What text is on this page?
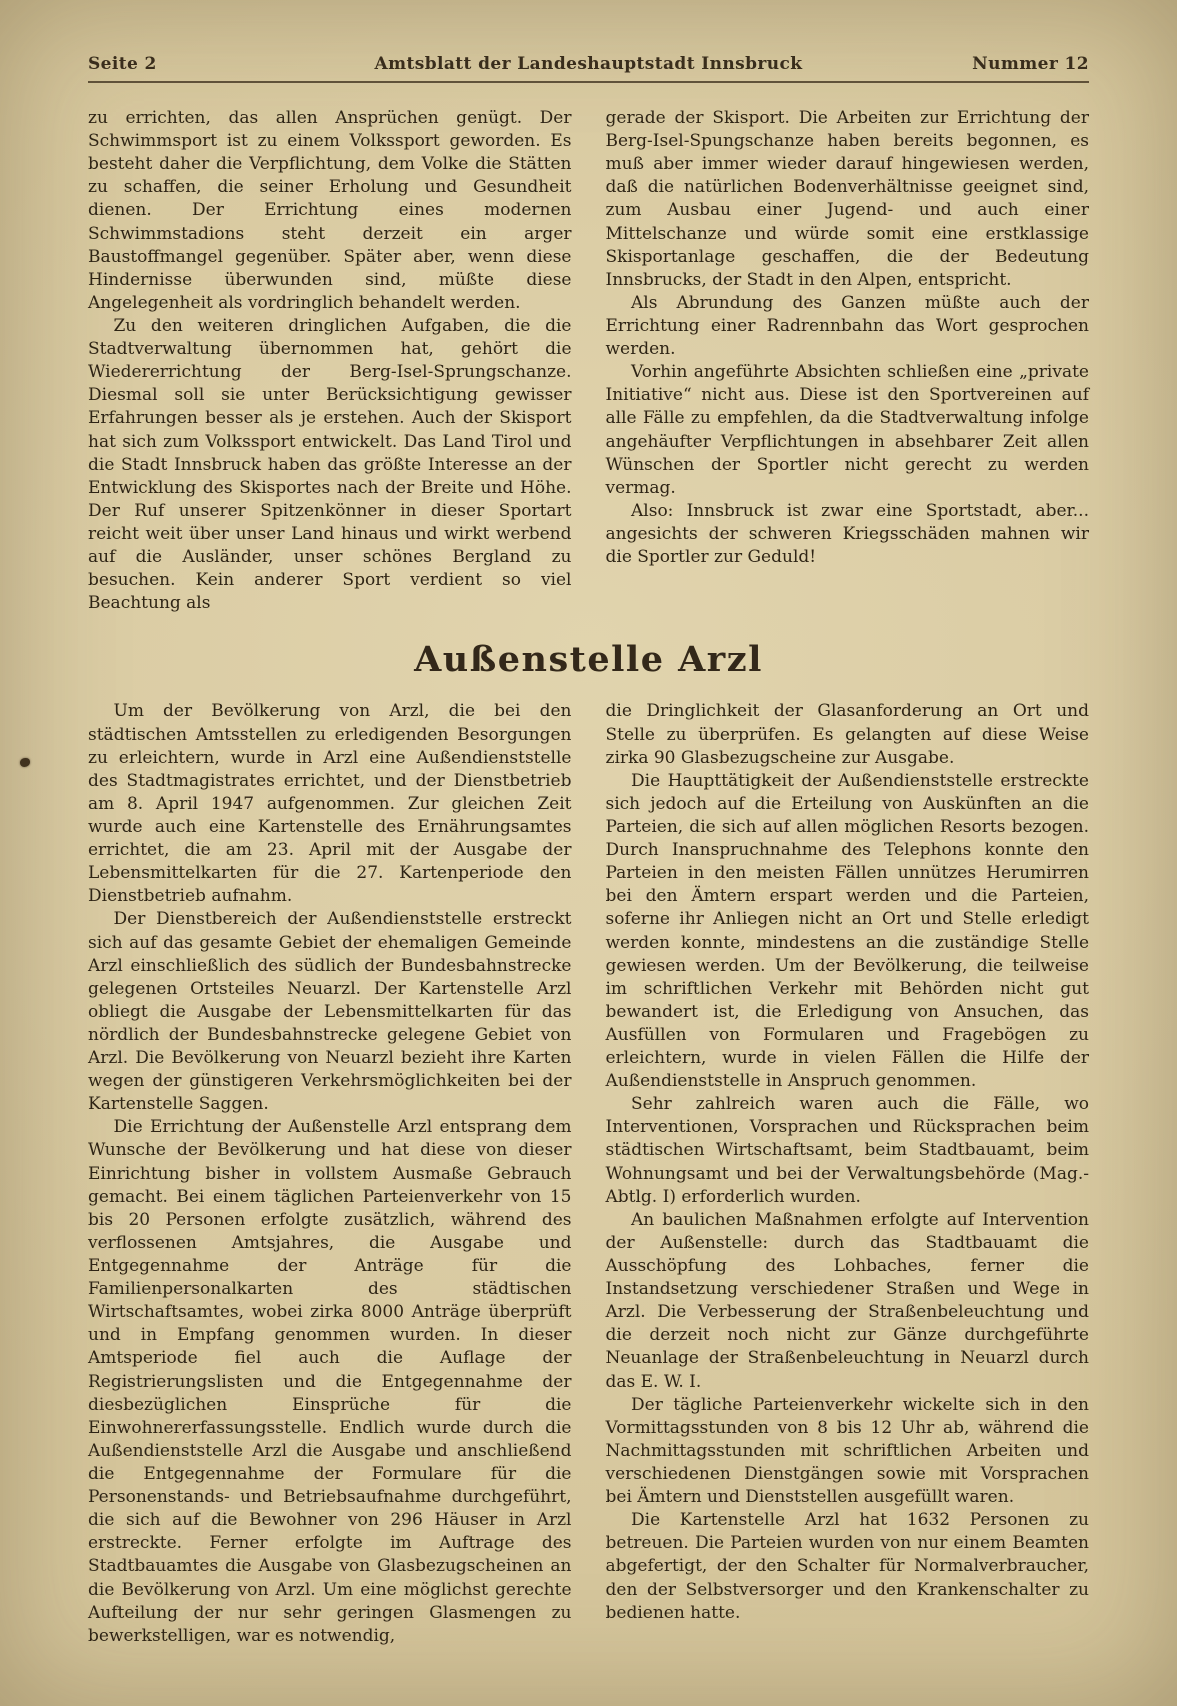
Seite 2	Amtsblatt der Landeshauptstadt Innsbruck	Nummer 12

zu errichten, das allen Ansprüchen genügt. Der Schwimmsport ist zu einem Volkssport geworden. Es besteht daher die Verpflichtung, dem Volke die Stätten zu schaffen, die seiner Erholung und Gesundheit dienen. Der Errichtung eines modernen Schwimmstadions steht derzeit ein arger Baustoffmangel gegenüber. Später aber, wenn diese Hindernisse überwunden sind, müßte diese Angelegenheit als vordringlich behandelt werden.

Zu den weiteren dringlichen Aufgaben, die die Stadtverwaltung übernommen hat, gehört die Wiedererrichtung der Berg-Isel-Sprungschanze. Diesmal soll sie unter Berücksichtigung gewisser Erfahrungen besser als je erstehen. Auch der Skisport hat sich zum Volkssport entwickelt. Das Land Tirol und die Stadt Innsbruck haben das größte Interesse an der Entwicklung des Skisportes nach der Breite und Höhe. Der Ruf unserer Spitzenkönner in dieser Sportart reicht weit über unser Land hinaus und wirkt werbend auf die Ausländer, unser schönes Bergland zu besuchen. Kein anderer Sport verdient so viel Beachtung als

gerade der Skisport. Die Arbeiten zur Errichtung der Berg-Isel-Spungschanze haben bereits begonnen, es muß aber immer wieder darauf hingewiesen werden, daß die natürlichen Bodenverhältnisse geeignet sind, zum Ausbau einer Jugend- und auch einer Mittelschanze und würde somit eine erstklassige Skisportanlage geschaffen, die der Bedeutung Innsbrucks, der Stadt in den Alpen, entspricht.

Als Abrundung des Ganzen müßte auch der Errichtung einer Radrennbahn das Wort gesprochen werden.

Vorhin angeführte Absichten schließen eine „private Initiative“ nicht aus. Diese ist den Sportvereinen auf alle Fälle zu empfehlen, da die Stadtverwaltung infolge angehäufter Verpflichtungen in absehbarer Zeit allen Wünschen der Sportler nicht gerecht zu werden vermag.

Also: Innsbruck ist zwar eine Sportstadt, aber... angesichts der schweren Kriegsschäden mahnen wir die Sportler zur Geduld!

Außenstelle Arzl

Um der Bevölkerung von Arzl, die bei den städtischen Amtsstellen zu erledigenden Besorgungen zu erleichtern, wurde in Arzl eine Außendienststelle des Stadtmagistrates errichtet, und der Dienstbetrieb am 8. April 1947 aufgenommen. Zur gleichen Zeit wurde auch eine Kartenstelle des Ernährungsamtes errichtet, die am 23. April mit der Ausgabe der Lebensmittelkarten für die 27. Kartenperiode den Dienstbetrieb aufnahm.

Der Dienstbereich der Außendienststelle erstreckt sich auf das gesamte Gebiet der ehemaligen Gemeinde Arzl einschließlich des südlich der Bundesbahnstrecke gelegenen Ortsteiles Neuarzl. Der Kartenstelle Arzl obliegt die Ausgabe der Lebensmittelkarten für das nördlich der Bundesbahnstrecke gelegene Gebiet von Arzl. Die Bevölkerung von Neuarzl bezieht ihre Karten wegen der günstigeren Verkehrsmöglichkeiten bei der Kartenstelle Saggen.

Die Errichtung der Außenstelle Arzl entsprang dem Wunsche der Bevölkerung und hat diese von dieser Einrichtung bisher in vollstem Ausmaße Gebrauch gemacht. Bei einem täglichen Parteienverkehr von 15 bis 20 Personen erfolgte zusätzlich, während des verflossenen Amtsjahres, die Ausgabe und Entgegennahme der Anträge für die Familienpersonalkarten des städtischen Wirtschaftsamtes, wobei zirka 8000 Anträge überprüft und in Empfang genommen wurden. In dieser Amtsperiode fiel auch die Auflage der Registrierungslisten und die Entgegennahme der diesbezüglichen Einsprüche für die Einwohnererfassungsstelle. Endlich wurde durch die Außendienststelle Arzl die Ausgabe und anschließend die Entgegennahme der Formulare für die Personenstands- und Betriebsaufnahme durchgeführt, die sich auf die Bewohner von 296 Häuser in Arzl erstreckte. Ferner erfolgte im Auftrage des Stadtbauamtes die Ausgabe von Glasbezugscheinen an die Bevölkerung von Arzl. Um eine möglichst gerechte Aufteilung der nur sehr geringen Glasmengen zu bewerkstelligen, war es notwendig,

die Dringlichkeit der Glasanforderung an Ort und Stelle zu überprüfen. Es gelangten auf diese Weise zirka 90 Glasbezugscheine zur Ausgabe.

Die Haupttätigkeit der Außendienststelle erstreckte sich jedoch auf die Erteilung von Auskünften an die Parteien, die sich auf allen möglichen Resorts bezogen. Durch Inanspruchnahme des Telephons konnte den Parteien in den meisten Fällen unnützes Herumirren bei den Ämtern erspart werden und die Parteien, soferne ihr Anliegen nicht an Ort und Stelle erledigt werden konnte, mindestens an die zuständige Stelle gewiesen werden. Um der Bevölkerung, die teilweise im schriftlichen Verkehr mit Behörden nicht gut bewandert ist, die Erledigung von Ansuchen, das Ausfüllen von Formularen und Fragebögen zu erleichtern, wurde in vielen Fällen die Hilfe der Außendienststelle in Anspruch genommen.

Sehr zahlreich waren auch die Fälle, wo Interventionen, Vorsprachen und Rücksprachen beim städtischen Wirtschaftsamt, beim Stadtbauamt, beim Wohnungsamt und bei der Verwaltungsbehörde (Mag.-Abtlg. I) erforderlich wurden.

An baulichen Maßnahmen erfolgte auf Intervention der Außenstelle: durch das Stadtbauamt die Ausschöpfung des Lohbaches, ferner die Instandsetzung verschiedener Straßen und Wege in Arzl. Die Verbesserung der Straßenbeleuchtung und die derzeit noch nicht zur Gänze durchgeführte Neuanlage der Straßenbeleuchtung in Neuarzl durch das E. W. I.

Der tägliche Parteienverkehr wickelte sich in den Vormittagsstunden von 8 bis 12 Uhr ab, während die Nachmittagsstunden mit schriftlichen Arbeiten und verschiedenen Dienstgängen sowie mit Vorsprachen bei Ämtern und Dienststellen ausgefüllt waren.

Die Kartenstelle Arzl hat 1632 Personen zu betreuen. Die Parteien wurden von nur einem Beamten abgefertigt, der den Schalter für Normalverbraucher, den der Selbstversorger und den Krankenschalter zu bedienen hatte.
